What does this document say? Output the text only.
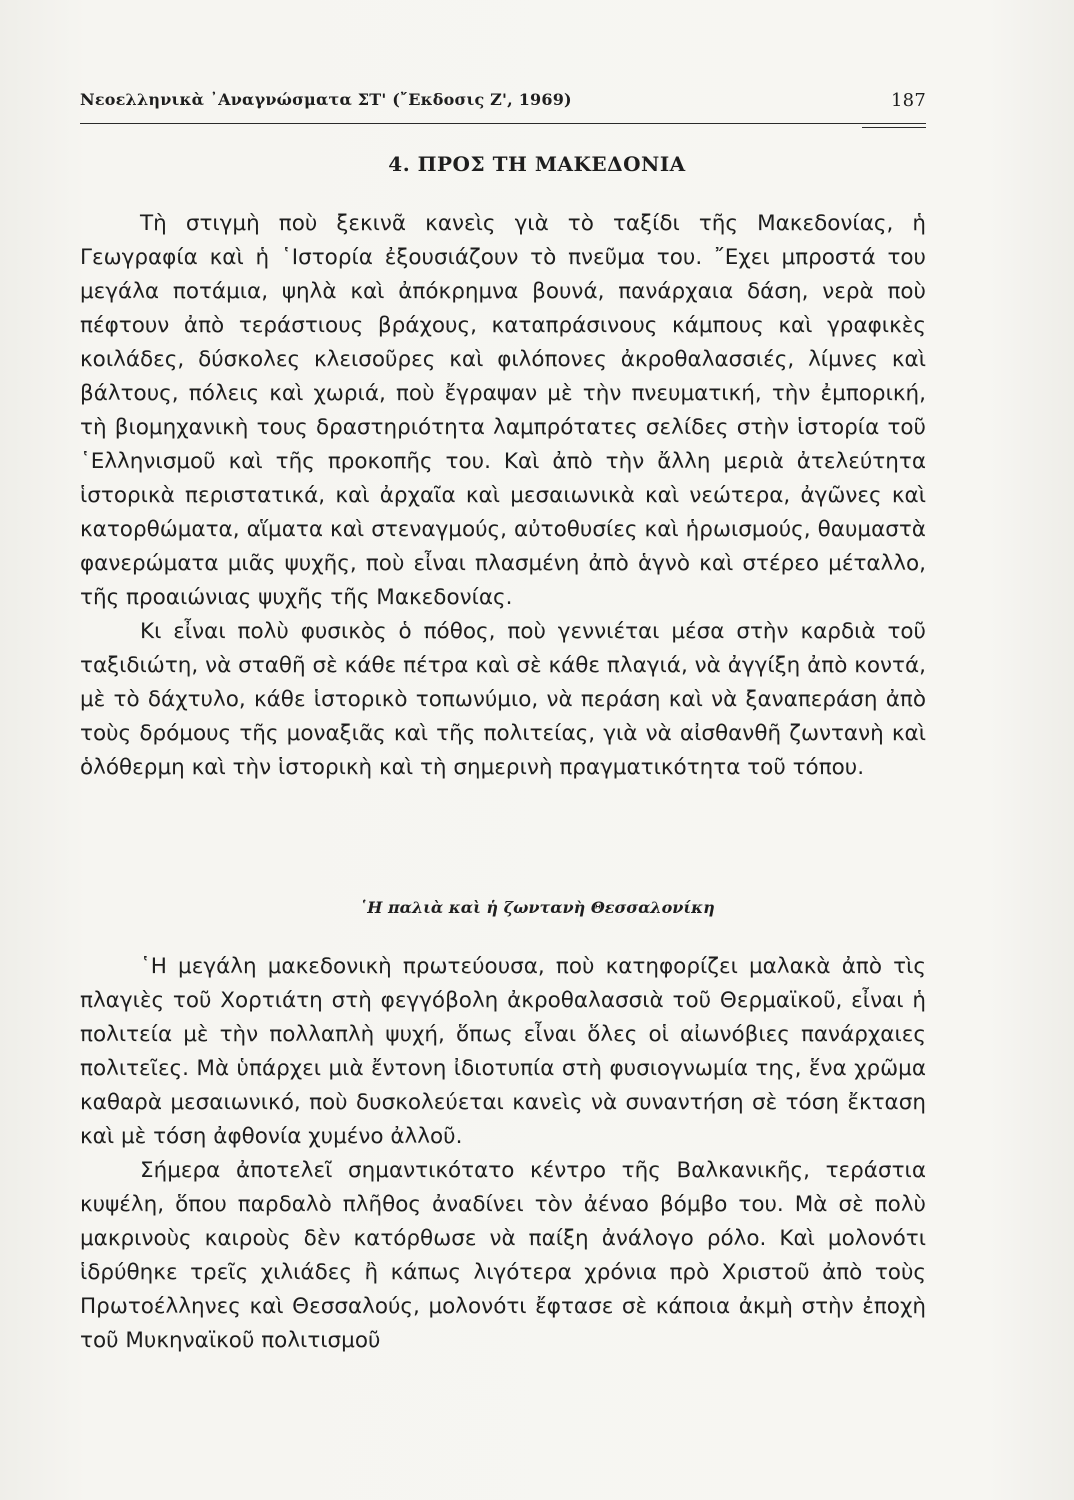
Νεοελληνικὰ ᾿Αναγνώσματα ΣΤ' (῎Εκδοσις Ζ', 1969)	187
4. ΠΡΟΣ ΤΗ ΜΑΚΕΔΟΝΙΑ

Τὴ στιγμὴ ποὺ ξεκινᾶ κανεὶς γιὰ τὸ ταξίδι τῆς Μακεδονίας, ἡ Γεωγραφία καὶ ἡ ῾Ιστορία ἐξουσιάζουν τὸ πνεῦμα του. ῎Εχει μπροστά του μεγάλα ποτάμια, ψηλὰ καὶ ἀπόκρημνα βουνά, πανάρχαια δάση, νερὰ ποὺ πέφτουν ἀπὸ τεράστιους βράχους, καταπράσινους κάμπους καὶ γραφικὲς κοιλάδες, δύσκολες κλεισοῦρες καὶ φιλόπονες ἀκροθαλασσιές, λίμνες καὶ βάλτους, πόλεις καὶ χωριά, ποὺ ἔγραψαν μὲ τὴν πνευματική, τὴν ἐμπορική, τὴ βιομηχανικὴ τους δραστηριότητα λαμπρότατες σελίδες στὴν ἱστορία τοῦ ῾Ελληνισμοῦ καὶ τῆς προκοπῆς του. Καὶ ἀπὸ τὴν ἄλλη μεριὰ ἀτελεύτητα ἱστορικὰ περιστατικά, καὶ ἀρχαῖα καὶ μεσαιωνικὰ καὶ νεώτερα, ἀγῶνες καὶ κατορθώματα, αἵματα καὶ στεναγμούς, αὐτοθυσίες καὶ ἡρωισμούς, θαυμαστὰ φανερώματα μιᾶς ψυχῆς, ποὺ εἶναι πλασμένη ἀπὸ ἁγνὸ καὶ στέρεο μέταλλο, τῆς προαιώνιας ψυχῆς τῆς Μακεδονίας.

Κι εἶναι πολὺ φυσικὸς ὁ πόθος, ποὺ γεννιέται μέσα στὴν καρδιὰ τοῦ ταξιδιώτη, νὰ σταθῆ σὲ κάθε πέτρα καὶ σὲ κάθε πλαγιά, νὰ ἀγγίξη ἀπὸ κοντά, μὲ τὸ δάχτυλο, κάθε ἱστορικὸ τοπωνύμιο, νὰ περάση καὶ νὰ ξαναπεράση ἀπὸ τοὺς δρόμους τῆς μοναξιᾶς καὶ τῆς πολιτείας, γιὰ νὰ αἰσθανθῆ ζωντανὴ καὶ ὁλόθερμη καὶ τὴν ἱστορικὴ καὶ τὴ σημερινὴ πραγματικότητα τοῦ τόπου.

῾Η παλιὰ καὶ ἡ ζωντανὴ Θεσσαλονίκη

῾Η μεγάλη μακεδονικὴ πρωτεύουσα, ποὺ κατηφορίζει μαλακὰ ἀπὸ τὶς πλαγιὲς τοῦ Χορτιάτη στὴ φεγγόβολη ἀκροθαλασσιὰ τοῦ Θερμαϊκοῦ, εἶναι ἡ πολιτεία μὲ τὴν πολλαπλὴ ψυχή, ὅπως εἶναι ὅλες οἱ αἰωνόβιες πανάρχαιες πολιτεῖες. Μὰ ὑπάρχει μιὰ ἔντονη ἰδιοτυπία στὴ φυσιογνωμία της, ἕνα χρῶμα καθαρὰ μεσαιωνικό, ποὺ δυσκολεύεται κανεὶς νὰ συναντήση σὲ τόση ἔκταση καὶ μὲ τόση ἀφθονία χυμένο ἀλλοῦ.

Σήμερα ἀποτελεῖ σημαντικότατο κέντρο τῆς Βαλκανικῆς, τεράστια κυψέλη, ὅπου παρδαλὸ πλῆθος ἀναδίνει τὸν ἀέναο βόμβο του. Μὰ σὲ πολὺ μακρινοὺς καιροὺς δὲν κατόρθωσε νὰ παίξη ἀνάλογο ρόλο. Καὶ μολονότι ἱδρύθηκε τρεῖς χιλιάδες ἢ κάπως λιγότερα χρόνια πρὸ Χριστοῦ ἀπὸ τοὺς Πρωτοέλληνες καὶ Θεσσαλούς, μολονότι ἔφτασε σὲ κάποια ἀκμὴ στὴν ἐποχὴ τοῦ Μυκηναϊκοῦ πολιτισμοῦ
